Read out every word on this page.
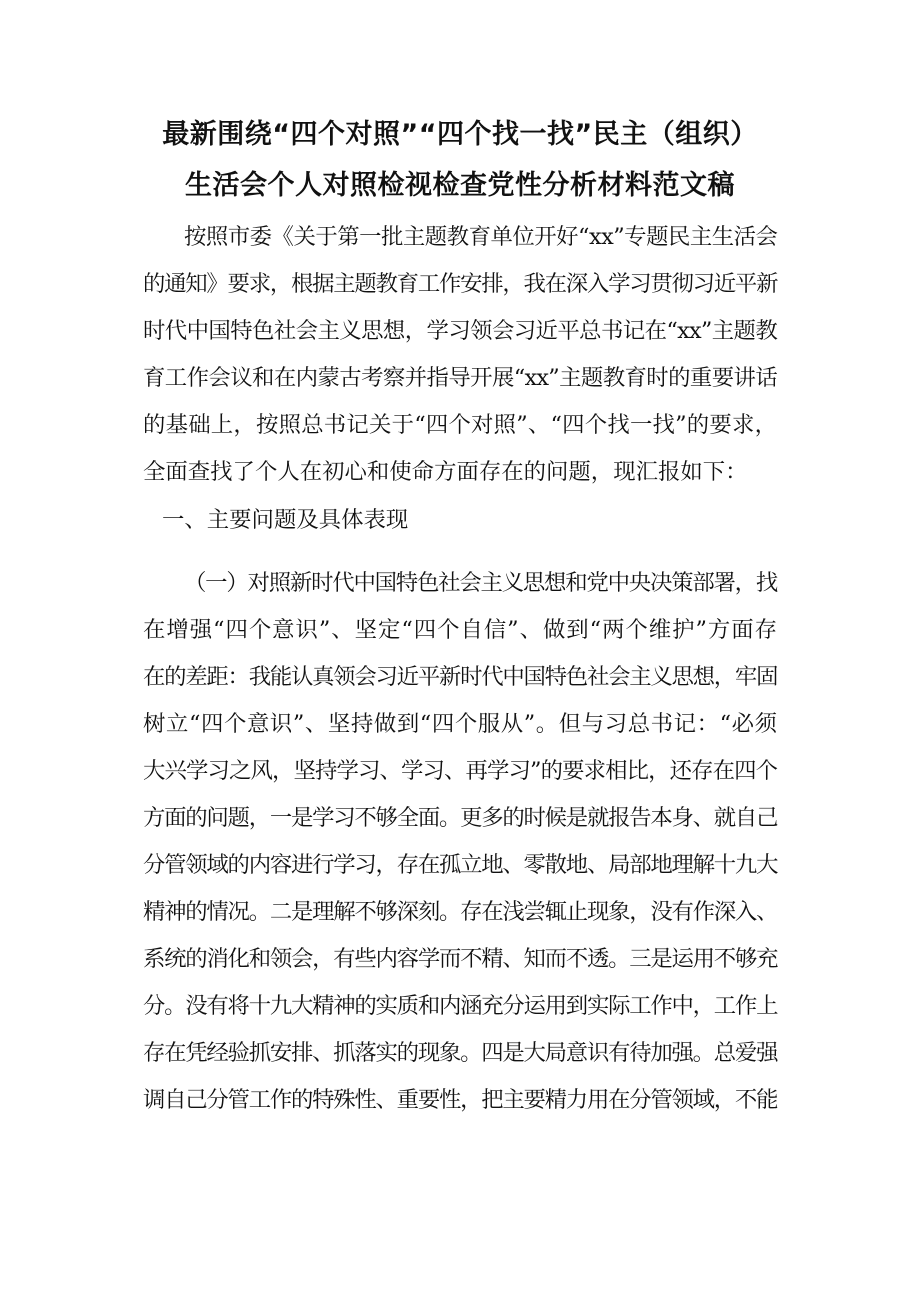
最新围绕“四个对照”“四个找一找”民主（组织）
生活会个人对照检视检查党性分析材料范文稿
按照市委《关于第一批主题教育单位开好“xx”专题民主生活会
的通知》要求，根据主题教育工作安排，我在深入学习贯彻习近平新
时代中国特色社会主义思想，学习领会习近平总书记在“xx”主题教
育工作会议和在内蒙古考察并指导开展“xx”主题教育时的重要讲话
的基础上，按照总书记关于“四个对照”、“四个找一找”的要求，
全面查找了个人在初心和使命方面存在的问题，现汇报如下：
一、主要问题及具体表现
（一）对照新时代中国特色社会主义思想和党中央决策部署，找
在增强“四个意识”、坚定“四个自信”、做到“两个维护”方面存
在的差距：我能认真领会习近平新时代中国特色社会主义思想，牢固
树立“四个意识”、坚持做到“四个服从”。但与习总书记：“必须
大兴学习之风，坚持学习、学习、再学习”的要求相比，还存在四个
方面的问题，一是学习不够全面。更多的时候是就报告本身、就自己
分管领域的内容进行学习，存在孤立地、零散地、局部地理解十九大
精神的情况。二是理解不够深刻。存在浅尝辄止现象，没有作深入、
系统的消化和领会，有些内容学而不精、知而不透。三是运用不够充
分。没有将十九大精神的实质和内涵充分运用到实际工作中，工作上
存在凭经验抓安排、抓落实的现象。四是大局意识有待加强。总爱强
调自己分管工作的特殊性、重要性，把主要精力用在分管领域，不能
